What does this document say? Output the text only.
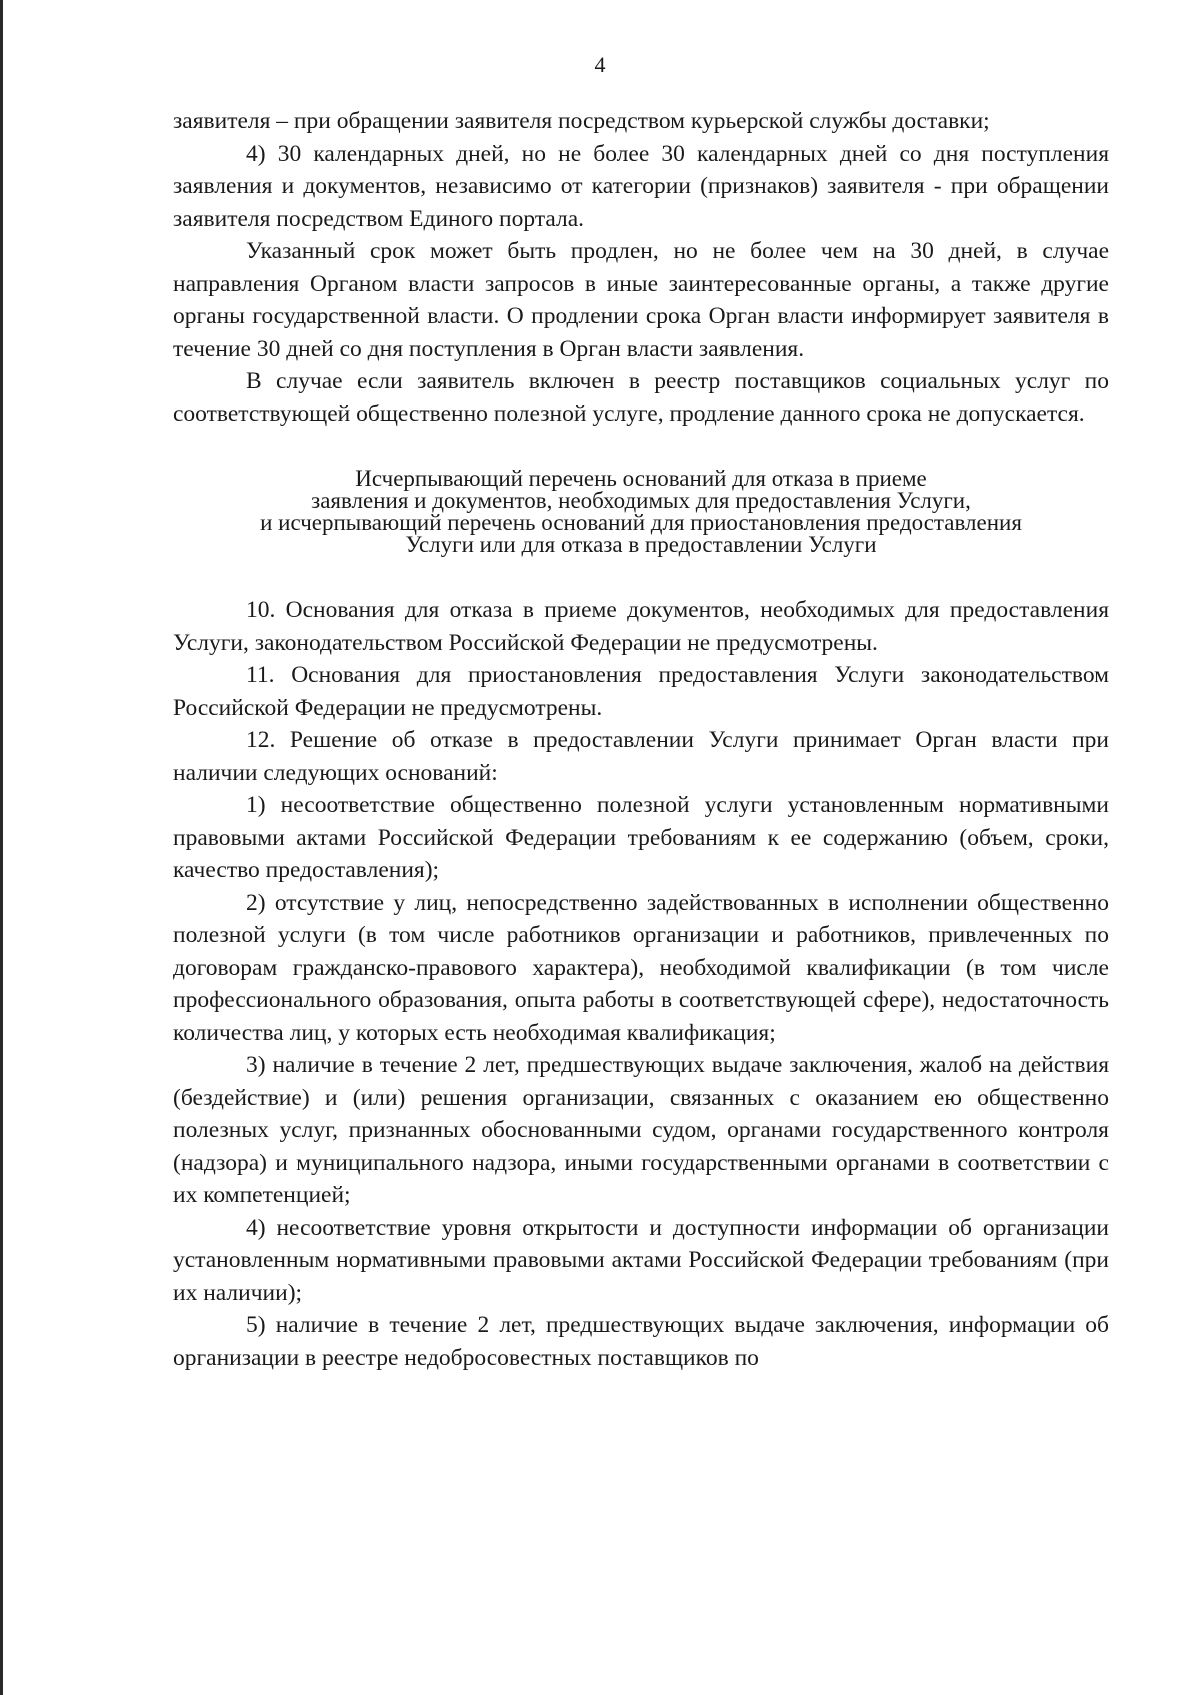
4

заявителя – при обращении заявителя посредством курьерской службы доставки;

4) 30 календарных дней, но не более 30 календарных дней со дня поступления заявления и документов, независимо от категории (признаков) заявителя - при обращении заявителя посредством Единого портала.

Указанный срок может быть продлен, но не более чем на 30 дней, в случае направления Органом власти запросов в иные заинтересованные органы, а также другие органы государственной власти. О продлении срока Орган власти информирует заявителя в течение 30 дней со дня поступления в Орган власти заявления.

В случае если заявитель включен в реестр поставщиков социальных услуг по соответствующей общественно полезной услуге, продление данного срока не допускается.

Исчерпывающий перечень оснований для отказа в приеме
заявления и документов, необходимых для предоставления Услуги,
и исчерпывающий перечень оснований для приостановления предоставления
Услуги или для отказа в предоставлении Услуги

10. Основания для отказа в приеме документов, необходимых для предоставления Услуги, законодательством Российской Федерации не предусмотрены.

11. Основания для приостановления предоставления Услуги законодательством Российской Федерации не предусмотрены.

12. Решение об отказе в предоставлении Услуги принимает Орган власти при наличии следующих оснований:

1) несоответствие общественно полезной услуги установленным нормативными правовыми актами Российской Федерации требованиям к ее содержанию (объем, сроки, качество предоставления);

2) отсутствие у лиц, непосредственно задействованных в исполнении общественно полезной услуги (в том числе работников организации и работников, привлеченных по договорам гражданско-правового характера), необходимой квалификации (в том числе профессионального образования, опыта работы в соответствующей сфере), недостаточность количества лиц, у которых есть необходимая квалификация;

3) наличие в течение 2 лет, предшествующих выдаче заключения, жалоб на действия (бездействие) и (или) решения организации, связанных с оказанием ею общественно полезных услуг, признанных обоснованными судом, органами государственного контроля (надзора) и муниципального надзора, иными государственными органами в соответствии с их компетенцией;

4) несоответствие уровня открытости и доступности информации об организации установленным нормативными правовыми актами Российской Федерации требованиям (при их наличии);

5) наличие в течение 2 лет, предшествующих выдаче заключения, информации об организации в реестре недобросовестных поставщиков по
